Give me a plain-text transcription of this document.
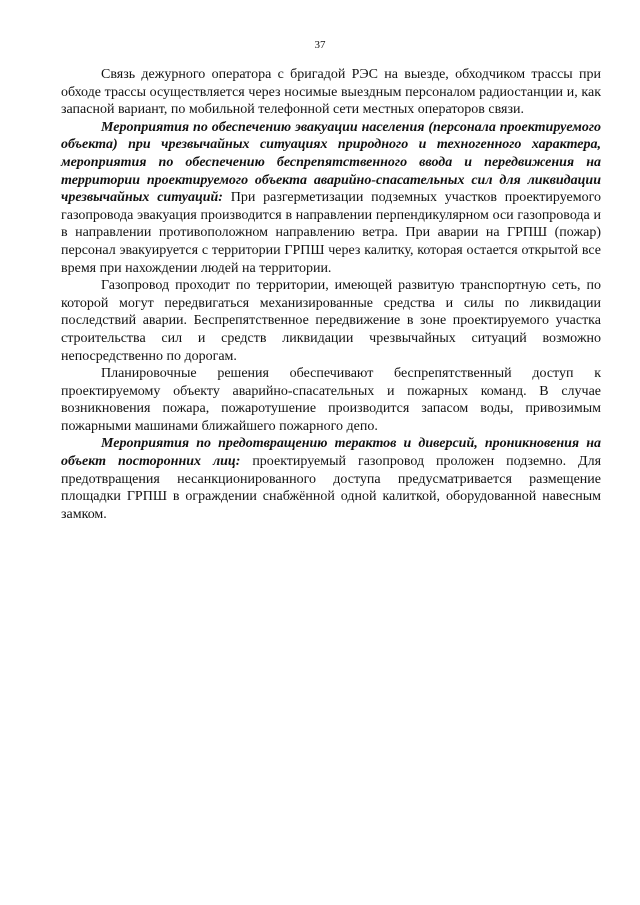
37

Связь дежурного оператора с бригадой РЭС на выезде, обходчиком трассы при обходе трассы осуществляется через носимые выездным персоналом радиостанции и, как запасной вариант, по мобильной телефонной сети местных операторов связи.

Мероприятия по обеспечению эвакуации населения (персонала проектируемого объекта) при чрезвычайных ситуациях природного и техногенного характера, мероприятия по обеспечению беспрепятственного ввода и передвижения на территории проектируемого объекта аварийно-спасательных сил для ликвидации чрезвычайных ситуаций: При разгерметизации подземных участков проектируемого газопровода эвакуация производится в направлении перпендикулярном оси газопровода и в направлении противоположном направлению ветра. При аварии на ГРПШ (пожар) персонал эвакуируется с территории ГРПШ через калитку, которая остается открытой все время при нахождении людей на территории.

Газопровод проходит по территории, имеющей развитую транспортную сеть, по которой могут передвигаться механизированные средства и силы по ликвидации последствий аварии. Беспрепятственное передвижение в зоне проектируемого участка строительства сил и средств ликвидации чрезвычайных ситуаций возможно непосредственно по дорогам.

Планировочные решения обеспечивают беспрепятственный доступ к проектируемому объекту аварийно-спасательных и пожарных команд. В случае возникновения пожара, пожаротушение производится запасом воды, привозимым пожарными машинами ближайшего пожарного депо.

Мероприятия по предотвращению терактов и диверсий, проникновения на объект посторонних лиц: проектируемый газопровод проложен подземно. Для предотвращения несанкционированного доступа предусматривается размещение площадки ГРПШ в ограждении снабжённой одной калиткой, оборудованной навесным замком.
